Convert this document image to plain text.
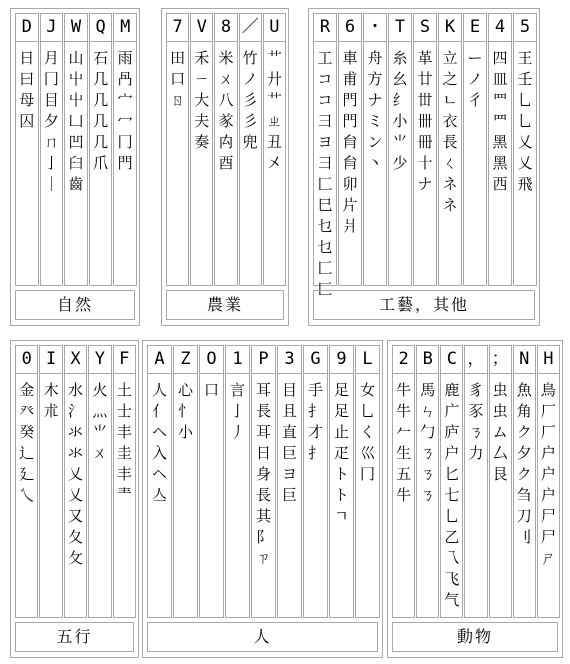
D
日
曰
母
囚
J
月
冂
目
夕
ㄇ
亅
｜
W
山
屮
屮
凵
凹
臼
齒
Q
石
几
几
几
几
爪
M
雨
冎
宀
冖
冂
門
自然
7
田
口
ㄖ
V
禾
ㄧ
大
夫
奏
8
米
ㄨ
八
㒸
禸
酉
／
竹
ノ
彡
彡
兜
U
艹
廾
艹
ㄓ
丑
㐅
農業
R
工
コ
コ
彐
ヨ
彐
匚
巳
乜
乜
匚
匚
6
車
甫
門
門
䏍
䏍
卯
片
爿
・
舟
方
ナ
ミ
ン
丶
T
糸
幺
纟
小
⺌
少
S
革
廿
丗
卌
冊
十
ナ
K
立
之
ㄴ
衣
長
ㄑ
ネ
ネ
E
ー
ノ
彳
4
四
皿
罒
罒
黑
黑
西
5
王
壬
乚
乚
乂
乂
飛
工藝，其他
0
金
癶
癸
辶
廴
乀
I
木
朮
X
水
氵
氺
氺
乂
乂
又
夂
攵
Y
火
灬
⺌
ㄨ
F
土
士
丰
圭
丰
龶
五行
A
人
亻
ヘ
入
ヘ
亼
Z
心
忄
小
O
口
1
言
亅
丿
P
耳
長
耳
日
身
長
其
阝
ㄗ
3
目
且
直
巨
ヨ
巨
G
手
扌
才
扌
9
足
足
止
疋
ト
ト
ㄱ
L
女
乚
く
巛
冂
人
2
牛
牛
𠂉
生
五
牛
B
馬
ㄣ
勹
ㄋ
ㄋ
ㄋ
C
鹿
广
庐
户
匕
七
乚
乙
乁
飞
气
，
豸
豕
ㄋ
力
；
虫
虫
ム
厶
艮
N
魚
角
ク
夕
ク
刍
刀
刂
H
鳥
厂
厂
户
户
户
尸
尸
ㄕ
動物
